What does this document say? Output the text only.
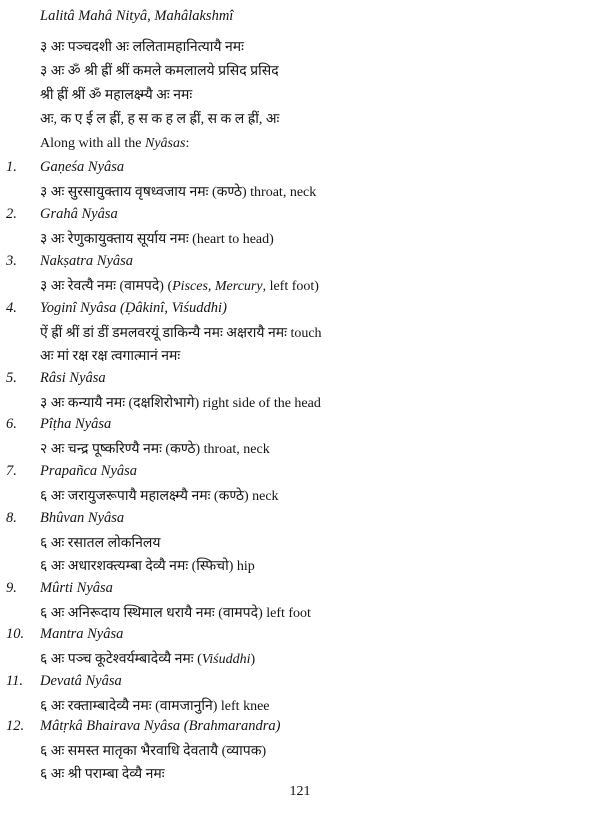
Lalitâ Mahâ Nityâ, Mahâlakshmî
३ अः पञ्चदशी अः ललितामहानित्यायै नमः
३ अः ॐ श्री ह्रीं श्रीं कमले कमलालये प्रसिद प्रसिद
श्री ह्रीं श्रीं ॐ महालक्ष्म्यै अः नमः
अः, क ए ई ल ह्रीं, ह स क ह ल ह्रीं, स क ल ह्रीं, अः
Along with all the Nyâsas:
1. Gaṇeśa Nyâsa
३ अः सुरसायुक्ताय वृषध्वजाय नमः (कण्ठे) throat, neck
2. Grahâ Nyâsa
३ अः रेणुकायुक्ताय सूर्याय नमः (heart to head)
3. Nakṣatra Nyâsa
३ अः रेवत्यै नमः (वामपदे) (Pisces, Mercury, left foot)
4. Yoginî Nyâsa (Ḍâkinî, Viśuddhi)
ऐं ह्रीं श्रीं डां डीं डमलवरयूं डाकिन्यै नमः अक्षरायै नमः touch
अः मां रक्ष रक्ष त्वगात्मानं नमः
5. Râsi Nyâsa
३ अः कन्यायै नमः (दक्षशिरोभागे) right side of the head
6. Pîṭha Nyâsa
२ अः चन्द्र पूष्करिण्यै नमः (कण्ठे) throat, neck
7. Prapañca Nyâsa
६ अः जरायुजरूपायै महालक्ष्म्यै नमः (कण्ठे) neck
8. Bhûvan Nyâsa
६ अः रसातल लोकनिलय
६ अः अधारशक्त्यम्बा देव्यै नमः (स्फिचो) hip
9. Mûrti Nyâsa
६ अः अनिरूदाय स्थिमाल धरायै नमः (वामपदे) left foot
10. Mantra Nyâsa
६ अः पञ्च कूटेश्वर्यम्बादेव्यै नमः (Viśuddhi)
11. Devatâ Nyâsa
६ अः रक्ताम्बादेव्यै नमः (वामजानुनि) left knee
12. Mâtṛkâ Bhairava Nyâsa (Brahmarandra)
६ अः समस्त मातृका भैरवाधि देवतायै (व्यापक)
६ अः श्री पराम्बा देव्यै नमः
121
